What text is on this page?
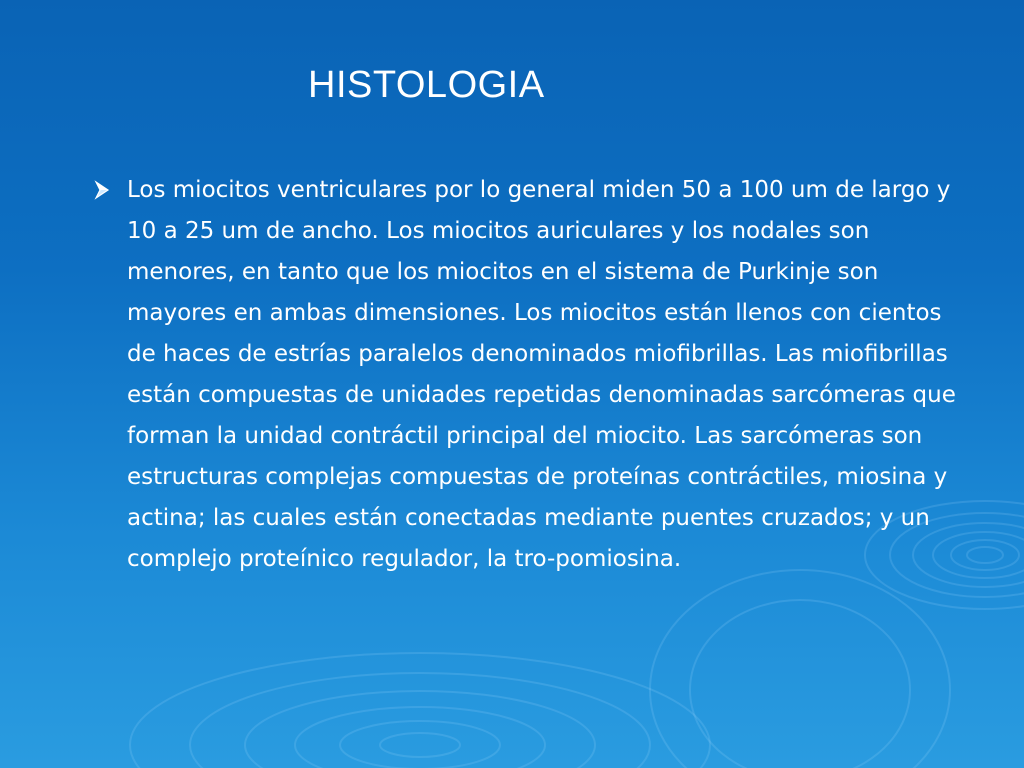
HISTOLOGIA

Los miocitos ventriculares por lo general miden 50 a 100 um de largo y 10 a 25 um de ancho. Los miocitos auriculares y los nodales son menores, en tanto que los miocitos en el sistema de Purkinje son mayores en ambas dimensiones. Los miocitos están llenos con cientos de haces de estrías paralelos denominados miofibrillas. Las miofibrillas están compuestas de unidades repetidas denominadas sarcómeras que forman la unidad contráctil principal del miocito. Las sarcómeras son estructuras complejas compuestas de proteínas contráctiles, miosina y actina; las cuales están conectadas mediante puentes cruzados; y un complejo proteínico regulador, la tro-pomiosina.
